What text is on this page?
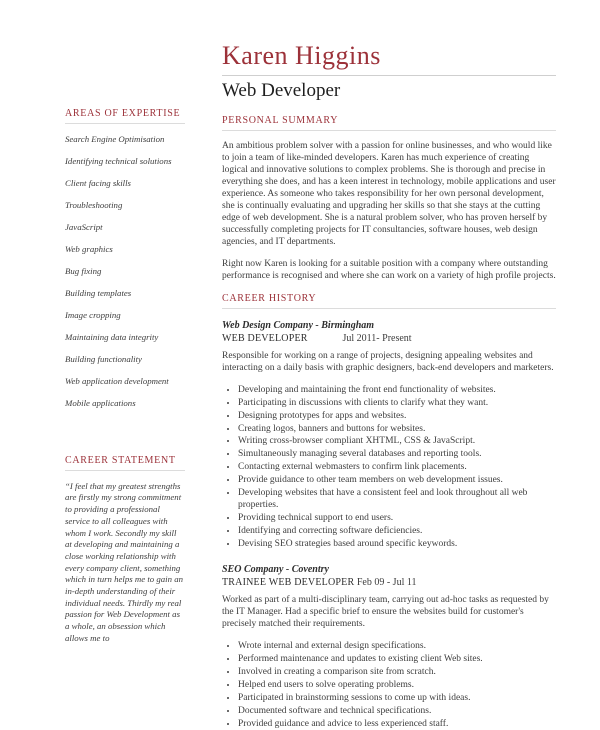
AREAS OF EXPERTISE
Search Engine Optimisation
Identifying technical solutions
Client facing skills
Troubleshooting
JavaScript
Web graphics
Bug fixing
Building templates
Image cropping
Maintaining data integrity
Building functionality
Web application development
Mobile applications
CAREER STATEMENT

“I feel that my greatest strengths are firstly my strong commitment to providing a professional service to all colleagues with whom I work. Secondly my skill at developing and maintaining a close working relationship with every company client, something which in turn helps me to gain an in-depth understanding of their individual needs. Thirdly my real passion for Web Development as a whole, an obsession which allows me to

Karen Higgins
Web Developer
PERSONAL SUMMARY

An ambitious problem solver with a passion for online businesses, and who would like to join a team of like-minded developers. Karen has much experience of creating logical and innovative solutions to complex problems. She is thorough and precise in everything she does, and has a keen interest in technology, mobile applications and user experience. As someone who takes responsibility for her own personal development, she is continually evaluating and upgrading her skills so that she stays at the cutting edge of web development. She is a natural problem solver, who has proven herself by successfully completing projects for IT consultancies, software houses, web design agencies, and IT departments.

Right now Karen is looking for a suitable position with a company where outstanding performance is recognised and where she can work on a variety of high profile projects.

CAREER HISTORY
Web Design Company - Birmingham
WEB DEVELOPER	Jul 2011- Present

Responsible for working on a range of projects, designing appealing websites and interacting on a daily basis with graphic designers, back-end developers and marketers.

• Developing and maintaining the front end functionality of websites.
• Participating in discussions with clients to clarify what they want.
• Designing prototypes for apps and websites.
• Creating logos, banners and buttons for websites.
• Writing cross-browser compliant XHTML, CSS & JavaScript.
• Simultaneously managing several databases and reporting tools.
• Contacting external webmasters to confirm link placements.
• Provide guidance to other team members on web development issues.
• Developing websites that have a consistent feel and look throughout all web properties.
• Providing technical support to end users.
• Identifying and correcting software deficiencies.
• Devising SEO strategies based around specific keywords.
SEO Company - Coventry
TRAINEE WEB DEVELOPER Feb 09 - Jul 11

Worked as part of a multi-disciplinary team, carrying out ad-hoc tasks as requested by the IT Manager. Had a specific brief to ensure the websites build for customer's precisely matched their requirements.

• Wrote internal and external design specifications.
• Performed maintenance and updates to existing client Web sites.
• Involved in creating a comparison site from scratch.
• Helped end users to solve operating problems.
• Participated in brainstorming sessions to come up with ideas.
• Documented software and technical specifications.
• Provided guidance and advice to less experienced staff.
